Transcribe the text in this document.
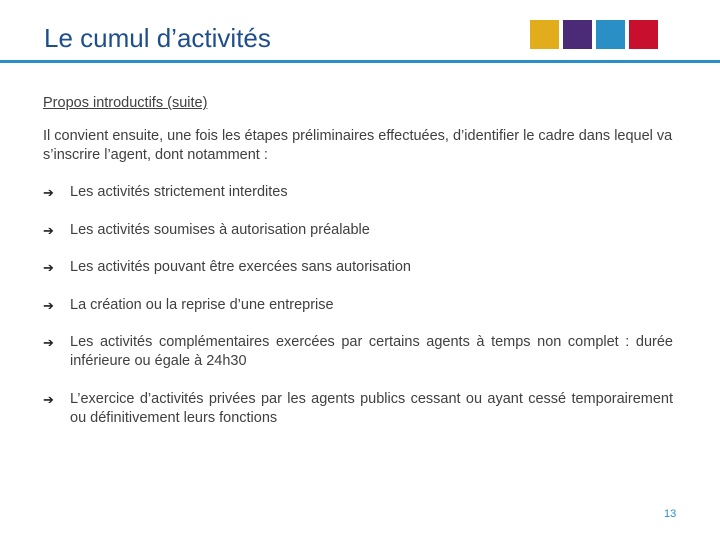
Le cumul d’activités

Propos introductifs (suite)

Il convient ensuite, une fois les étapes préliminaires effectuées, d’identifier le cadre dans lequel va s’inscrire l’agent, dont notamment :

➔	Les activités strictement interdites
➔	Les activités soumises à autorisation préalable
➔	Les activités pouvant être exercées sans autorisation
➔	La création ou la reprise d’une entreprise
➔	Les activités complémentaires exercées par certains agents à temps non complet : durée inférieure ou égale à 24h30
➔	L’exercice d’activités privées par les agents publics cessant ou ayant cessé temporairement ou définitivement leurs fonctions
13
